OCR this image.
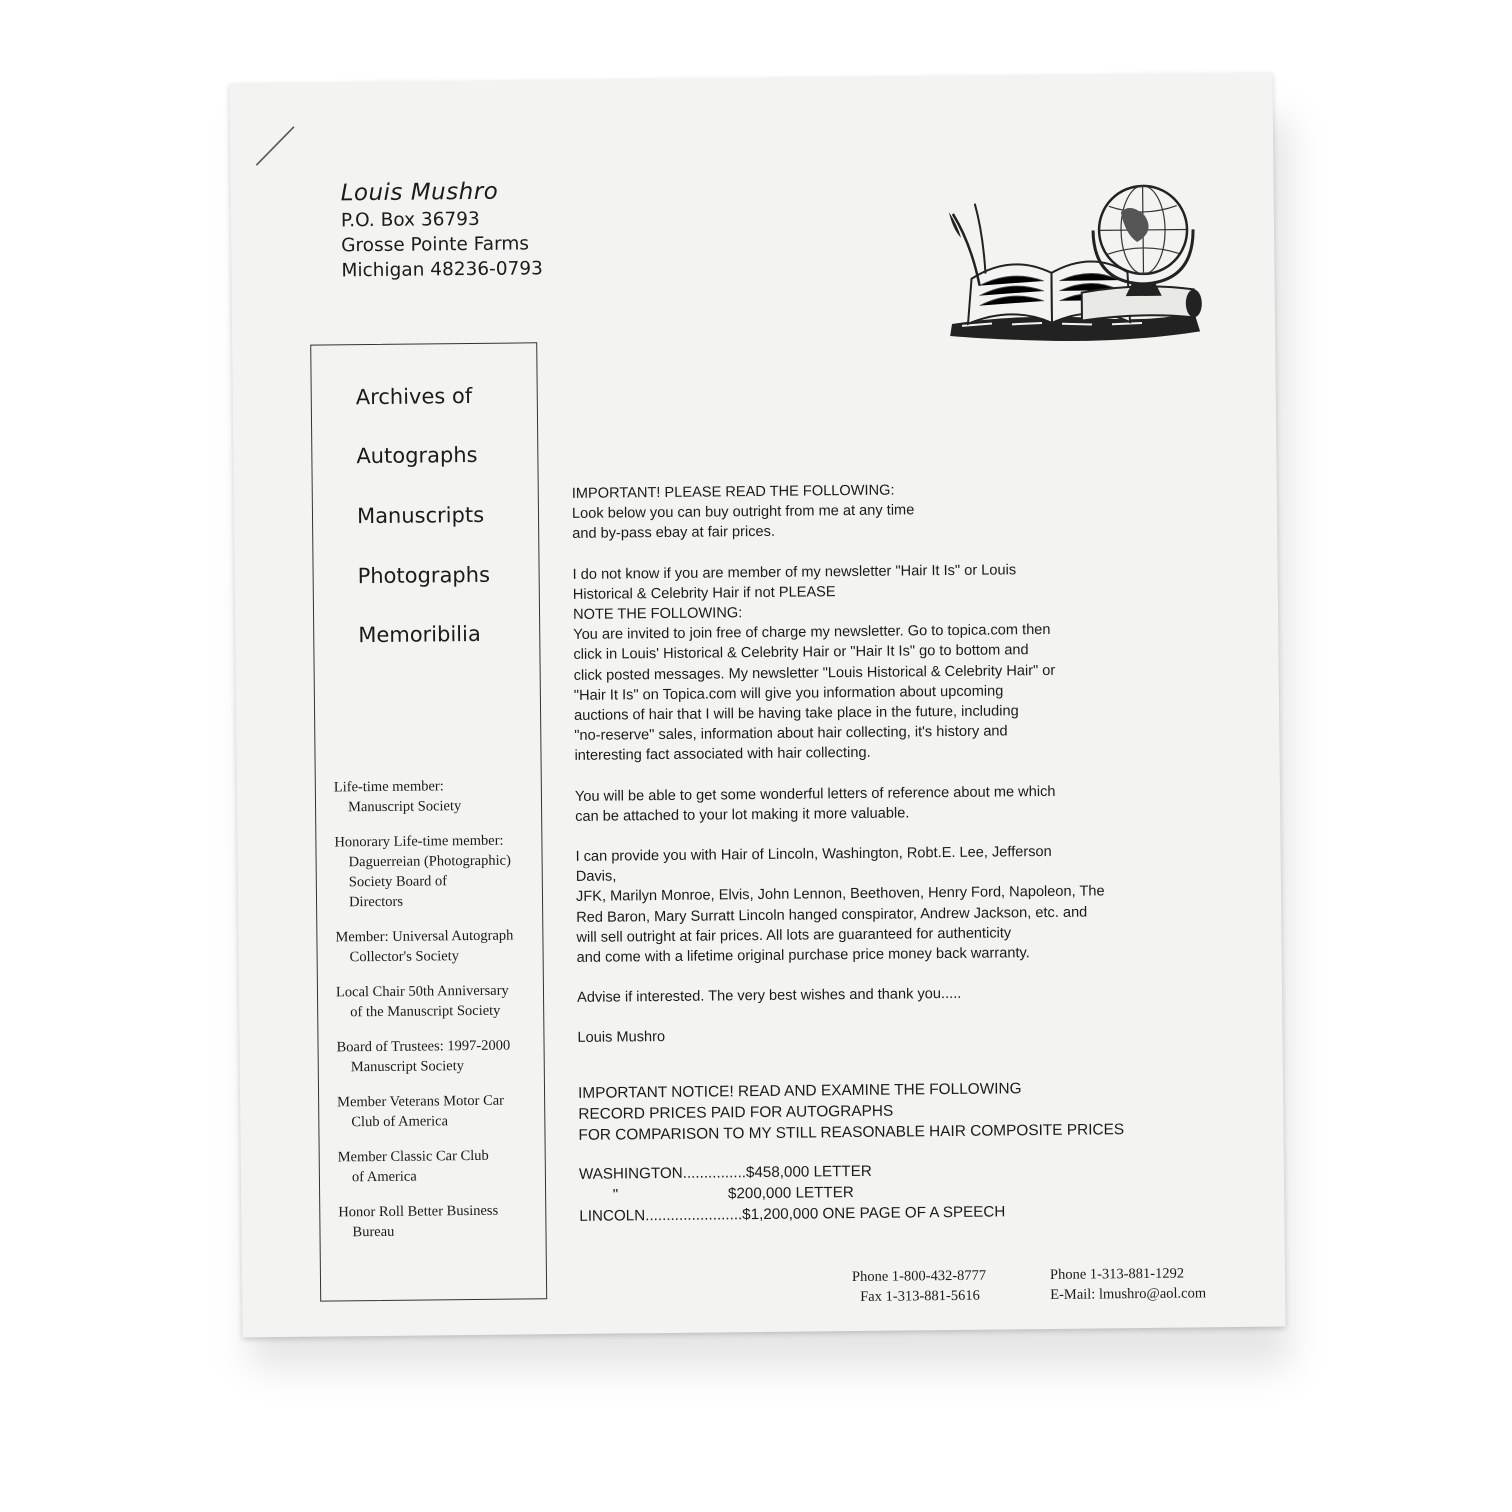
Louis Mushro
P.O. Box 36793
Grosse Pointe Farms
Michigan 48236-0793
Archives of
Autographs
Manuscripts
Photographs
Memoribilia
Life-time member:
Manuscript Society
Honorary Life-time member:
Daguerreian (Photographic)
Society Board of
Directors
Member: Universal Autograph
Collector's Society
Local Chair 50th Anniversary
of the Manuscript Society
Board of Trustees: 1997-2000
Manuscript Society
Member Veterans Motor Car
Club of America
Member Classic Car Club
of America
Honor Roll Better Business
Bureau
IMPORTANT! PLEASE READ THE FOLLOWING:
Look below you can buy outright from me at any time
and by-pass ebay at fair prices.
I do not know if you are member of my newsletter "Hair It Is" or Louis
Historical & Celebrity Hair if not PLEASE
NOTE THE FOLLOWING:
You are invited to join free of charge my newsletter. Go to topica.com then
click in Louis' Historical & Celebrity Hair or "Hair It Is" go to bottom and
click posted messages. My newsletter "Louis Historical & Celebrity Hair" or
"Hair It Is" on Topica.com will give you information about upcoming
auctions of hair that I will be having take place in the future, including
"no-reserve" sales, information about hair collecting, it's history and
interesting fact associated with hair collecting.
You will be able to get some wonderful letters of reference about me which
can be attached to your lot making it more valuable.
I can provide you with Hair of Lincoln, Washington, Robt.E. Lee, Jefferson
Davis,
JFK, Marilyn Monroe, Elvis, John Lennon, Beethoven, Henry Ford, Napoleon, The
Red Baron, Mary Surratt Lincoln hanged conspirator, Andrew Jackson, etc. and
will sell outright at fair prices. All lots are guaranteed for authenticity
and come with a lifetime original purchase price money back warranty.
Advise if interested. The very best wishes and thank you.....
Louis Mushro
IMPORTANT NOTICE! READ AND EXAMINE THE FOLLOWING
RECORD PRICES PAID FOR AUTOGRAPHS
FOR COMPARISON TO MY STILL REASONABLE HAIR COMPOSITE PRICES
WASHINGTON...............$458,000 LETTER
"                          $200,000 LETTER
LINCOLN.......................$1,200,000 ONE PAGE OF A SPEECH
Phone 1-800-432-8777
Fax 1-313-881-5616
Phone 1-313-881-1292
E-Mail: lmushro@aol.com
